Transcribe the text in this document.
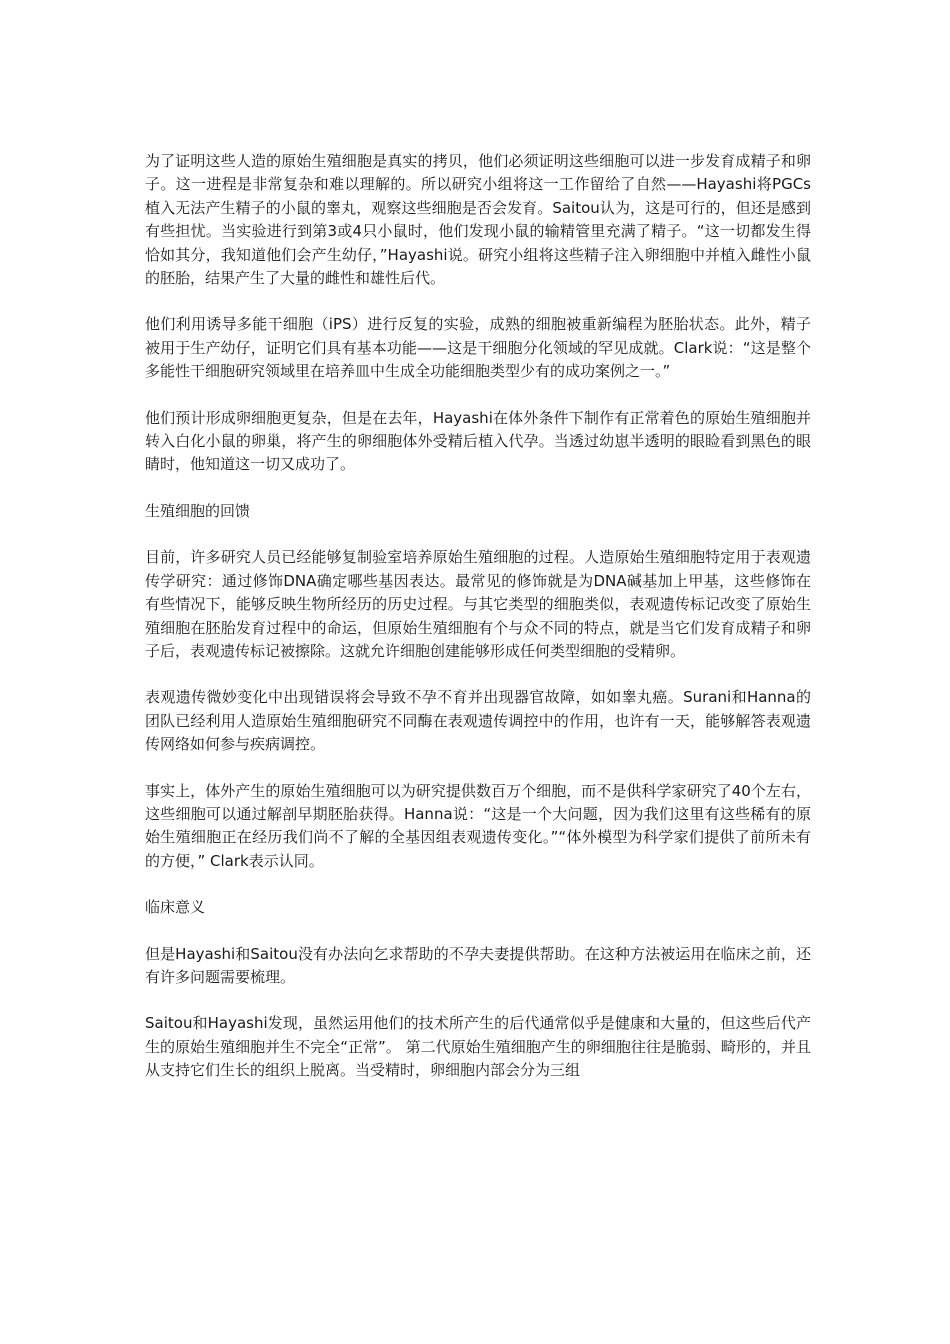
为了证明这些人造的原始生殖细胞是真实的拷贝，他们必须证明这些细胞可以进一步发育成精子和卵子。这一进程是非常复杂和难以理解的。所以研究小组将这一工作留给了自然——Hayashi将PGCs植入无法产生精子的小鼠的睾丸，观察这些细胞是否会发育。Saitou认为，这是可行的，但还是感到有些担忧。当实验进行到第3或4只小鼠时，他们发现小鼠的输精管里充满了精子。“这一切都发生得恰如其分，我知道他们会产生幼仔，”Hayashi说。研究小组将这些精子注入卵细胞中并植入雌性小鼠的胚胎，结果产生了大量的雌性和雄性后代。

他们利用诱导多能干细胞（iPS）进行反复的实验，成熟的细胞被重新编程为胚胎状态。此外，精子被用于生产幼仔，证明它们具有基本功能——这是干细胞分化领域的罕见成就。Clark说：“这是整个多能性干细胞研究领域里在培养皿中生成全功能细胞类型少有的成功案例之一。”

他们预计形成卵细胞更复杂，但是在去年，Hayashi在体外条件下制作有正常着色的原始生殖细胞并转入白化小鼠的卵巢，将产生的卵细胞体外受精后植入代孕。当透过幼崽半透明的眼睑看到黑色的眼睛时，他知道这一切又成功了。

生殖细胞的回馈

目前，许多研究人员已经能够复制验室培养原始生殖细胞的过程。人造原始生殖细胞特定用于表观遗传学研究：通过修饰DNA确定哪些基因表达。最常见的修饰就是为DNA碱基加上甲基，这些修饰在有些情况下，能够反映生物所经历的历史过程。与其它类型的细胞类似，表观遗传标记改变了原始生殖细胞在胚胎发育过程中的命运，但原始生殖细胞有个与众不同的特点，就是当它们发育成精子和卵子后，表观遗传标记被擦除。这就允许细胞创建能够形成任何类型细胞的受精卵。

表观遗传微妙变化中出现错误将会导致不孕不育并出现器官故障，如如睾丸癌。Surani和Hanna的团队已经利用人造原始生殖细胞研究不同酶在表观遗传调控中的作用，也许有一天，能够解答表观遗传网络如何参与疾病调控。

事实上，体外产生的原始生殖细胞可以为研究提供数百万个细胞，而不是供科学家研究了40个左右，这些细胞可以通过解剖早期胚胎获得。Hanna说：“这是一个大问题，因为我们这里有这些稀有的原始生殖细胞正在经历我们尚不了解的全基因组表观遗传变化。”“体外模型为科学家们提供了前所未有的方便，” Clark表示认同。

临床意义

但是Hayashi和Saitou没有办法向乞求帮助的不孕夫妻提供帮助。在这种方法被运用在临床之前，还有许多问题需要梳理。

Saitou和Hayashi发现，虽然运用他们的技术所产生的后代通常似乎是健康和大量的，但这些后代产生的原始生殖细胞并生不完全“正常”。 第二代原始生殖细胞产生的卵细胞往往是脆弱、畸形的，并且从支持它们生长的组织上脱离。当受精时，卵细胞内部会分为三组
